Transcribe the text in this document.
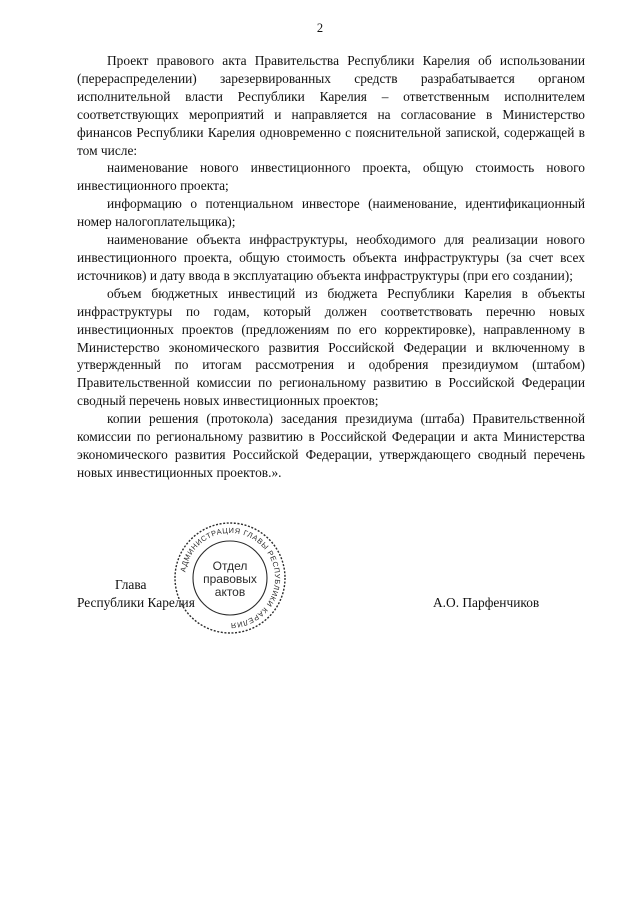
2

Проект правового акта Правительства Республики Карелия об использовании (перераспределении) зарезервированных средств разрабатывается органом исполнительной власти Республики Карелия – ответственным исполнителем соответствующих мероприятий и направляется на согласование в Министерство финансов Республики Карелия одновременно с пояснительной запиской, содержащей в том числе:

наименование нового инвестиционного проекта, общую стоимость нового инвестиционного проекта;

информацию о потенциальном инвесторе (наименование, идентификационный номер налогоплательщика);

наименование объекта инфраструктуры, необходимого для реализации нового инвестиционного проекта, общую стоимость объекта инфраструктуры (за счет всех источников) и дату ввода в эксплуатацию объекта инфраструктуры (при его создании);

объем бюджетных инвестиций из бюджета Республики Карелия в объекты инфраструктуры по годам, который должен соответствовать перечню новых инвестиционных проектов (предложениям по его корректировке), направленному в Министерство экономического развития Российской Федерации и включенному в утвержденный по итогам рассмотрения и одобрения президиумом (штабом) Правительственной комиссии по региональному развитию в Российской Федерации сводный перечень новых инвестиционных проектов;

копии решения (протокола) заседания президиума (штаба) Правительственной комиссии по региональному развитию в Российской Федерации и акта Министерства экономического развития Российской Федерации, утверждающего сводный перечень новых инвестиционных проектов.».

Глава
Республики Карелия	А.О. Парфенчиков
АДМИНИСТРАЦИЯ ГЛАВЫ РЕСПУБЛИКИ КАРЕЛИЯ
Отдел
правовых
актов
